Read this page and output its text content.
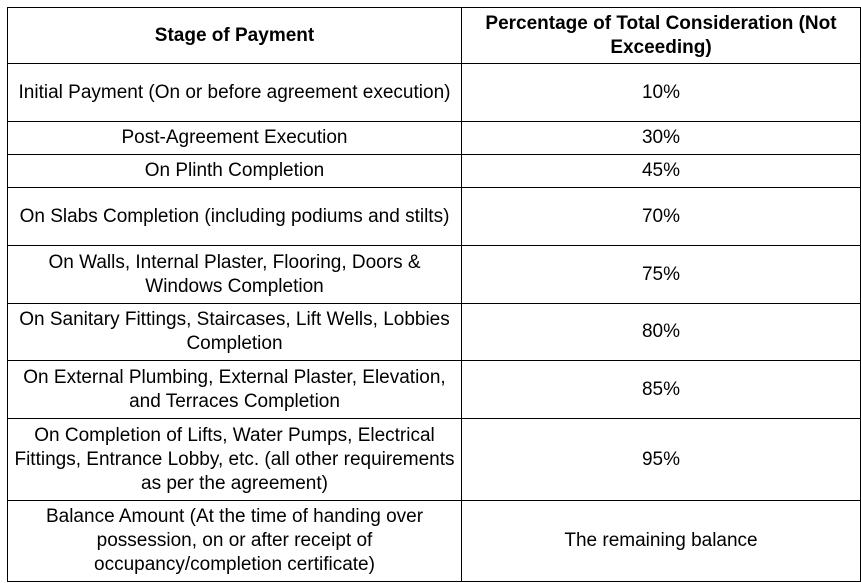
Stage of Payment	Percentage of Total Consideration (Not Exceeding)
Initial Payment (On or before agreement execution)	10%
Post-Agreement Execution	30%
On Plinth Completion	45%
On Slabs Completion (including podiums and stilts)	70%
On Walls, Internal Plaster, Flooring, Doors & Windows Completion	75%
On Sanitary Fittings, Staircases, Lift Wells, Lobbies Completion	80%
On External Plumbing, External Plaster, Elevation, and Terraces Completion	85%
On Completion of Lifts, Water Pumps, Electrical Fittings, Entrance Lobby, etc. (all other requirements as per the agreement)	95%
Balance Amount (At the time of handing over possession, on or after receipt of occupancy/completion certificate)	The remaining balance
